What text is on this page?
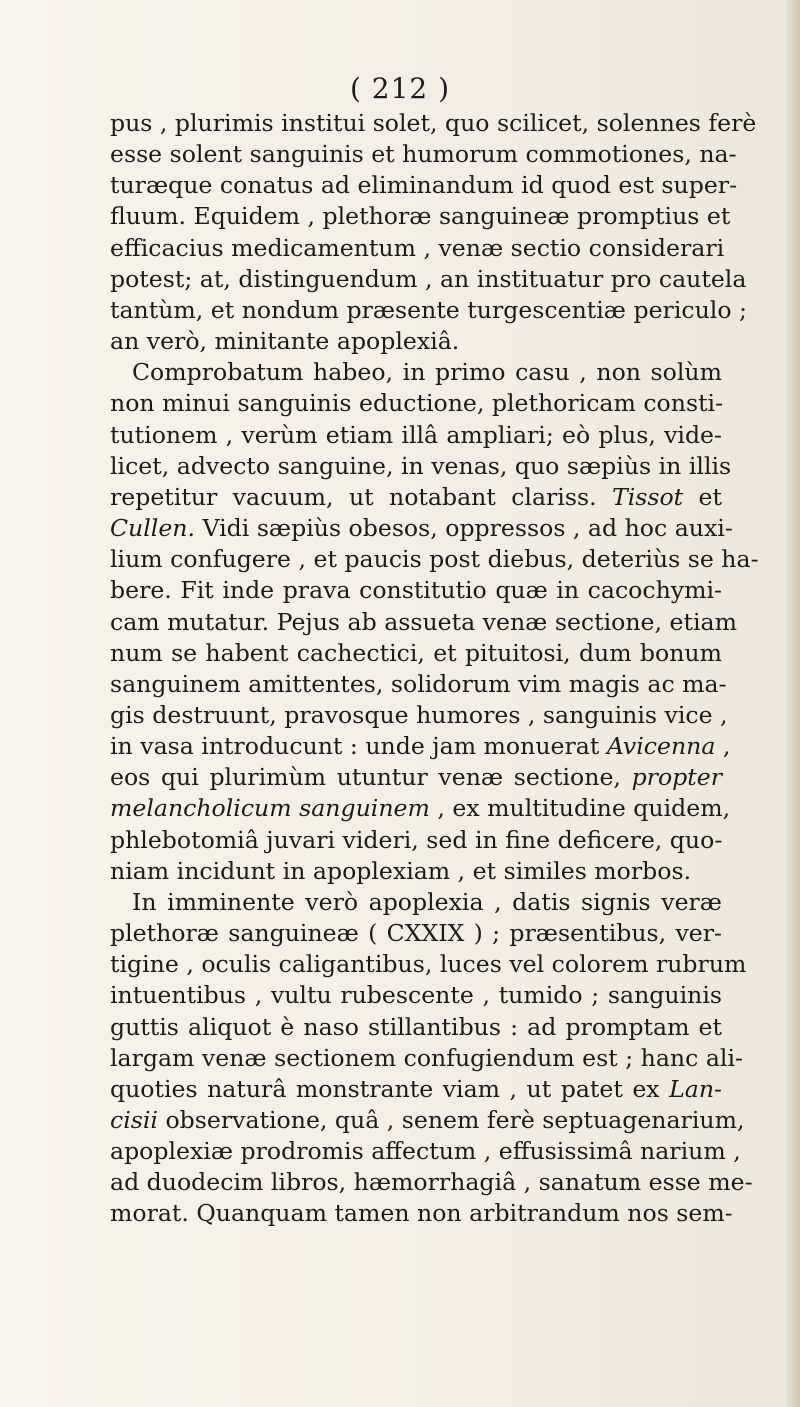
( 212 )
pus , plurimis institui solet, quo scilicet, solennes ferè
esse solent sanguinis et humorum commotiones, na-
turæque conatus ad eliminandum id quod est super-
fluum. Equidem , plethoræ sanguineæ promptius et
efficacius medicamentum , venæ sectio considerari
potest; at, distinguendum , an instituatur pro cautela
tantùm, et nondum præsente turgescentiæ periculo ;
an verò, minitante apoplexiâ.
Comprobatum habeo, in primo casu , non solùm
non minui sanguinis eductione, plethoricam consti-
tutionem , verùm etiam illâ ampliari; eò plus, vide-
licet, advecto sanguine, in venas, quo sæpiùs in illis
repetitur vacuum, ut notabant clariss. Tissot et
Cullen. Vidi sæpiùs obesos, oppressos , ad hoc auxi-
lium confugere , et paucis post diebus, deteriùs se ha-
bere. Fit inde prava constitutio quæ in cacochymi-
cam mutatur. Pejus ab assueta venæ sectione, etiam
num se habent cachectici, et pituitosi, dum bonum
sanguinem amittentes, solidorum vim magis ac ma-
gis destruunt, pravosque humores , sanguinis vice ,
in vasa introducunt : unde jam monuerat Avicenna ,
eos qui plurimùm utuntur venæ sectione, propter
melancholicum sanguinem , ex multitudine quidem,
phlebotomiâ juvari videri, sed in fine deficere, quo-
niam incidunt in apoplexiam , et similes morbos.
In imminente verò apoplexia , datis signis veræ
plethoræ sanguineæ ( CXXIX ) ; præsentibus, ver-
tigine , oculis caligantibus, luces vel colorem rubrum
intuentibus , vultu rubescente , tumido ; sanguinis
guttis aliquot è naso stillantibus : ad promptam et
largam venæ sectionem confugiendum est ; hanc ali-
quoties naturâ monstrante viam , ut patet ex Lan-
cisii observatione, quâ , senem ferè septuagenarium,
apoplexiæ prodromis affectum , effusissimâ narium ,
ad duodecim libros, hæmorrhagiâ , sanatum esse me-
morat. Quanquam tamen non arbitrandum nos sem-
